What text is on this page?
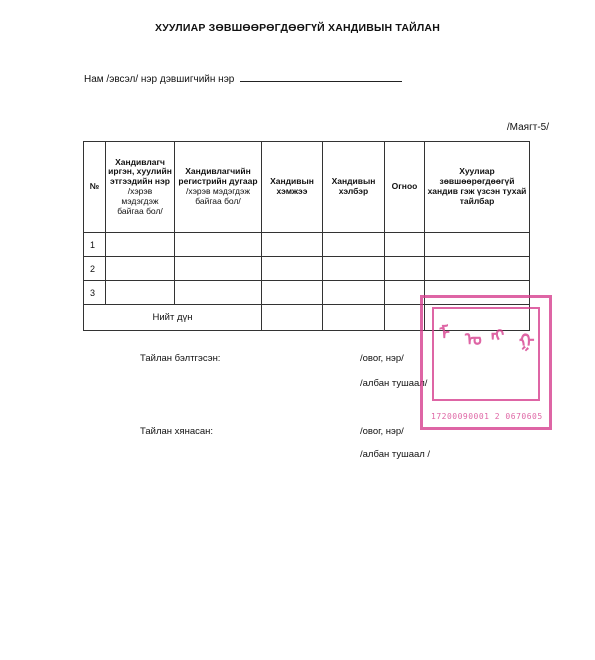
ХУУЛИАР ЗӨВШӨӨРӨГДӨӨГҮЙ ХАНДИВЫН ТАЙЛАН
Нам /эвсэл/ нэр дэвшигчийн нэр
/Маягт-5/
№	Хандивлагч иргэн, хуулийн этгээдийн нэр /хэрэв мэдэгдэж байгаа бол/	Хандивлагчийн регистрийн дугаар
/хэрэв мэдэгдэж байгаа бол/	Хандивын хэмжээ	Хандивын хэлбэр	Огноо	Хуулиар зөвшөөрөгдөөгүй хандив гэж үзсэн тухай тайлбар
1						
2						
3						
Нийт дүн						
Тайлан бэлтгэсэн:	/овог, нэр/
/албан тушаал/
Тайлан хянасан:	/овог, нэр/
/албан тушаал /
ᠮ ᠣ ᠩ ᠭ
17200090001 2 0670605
